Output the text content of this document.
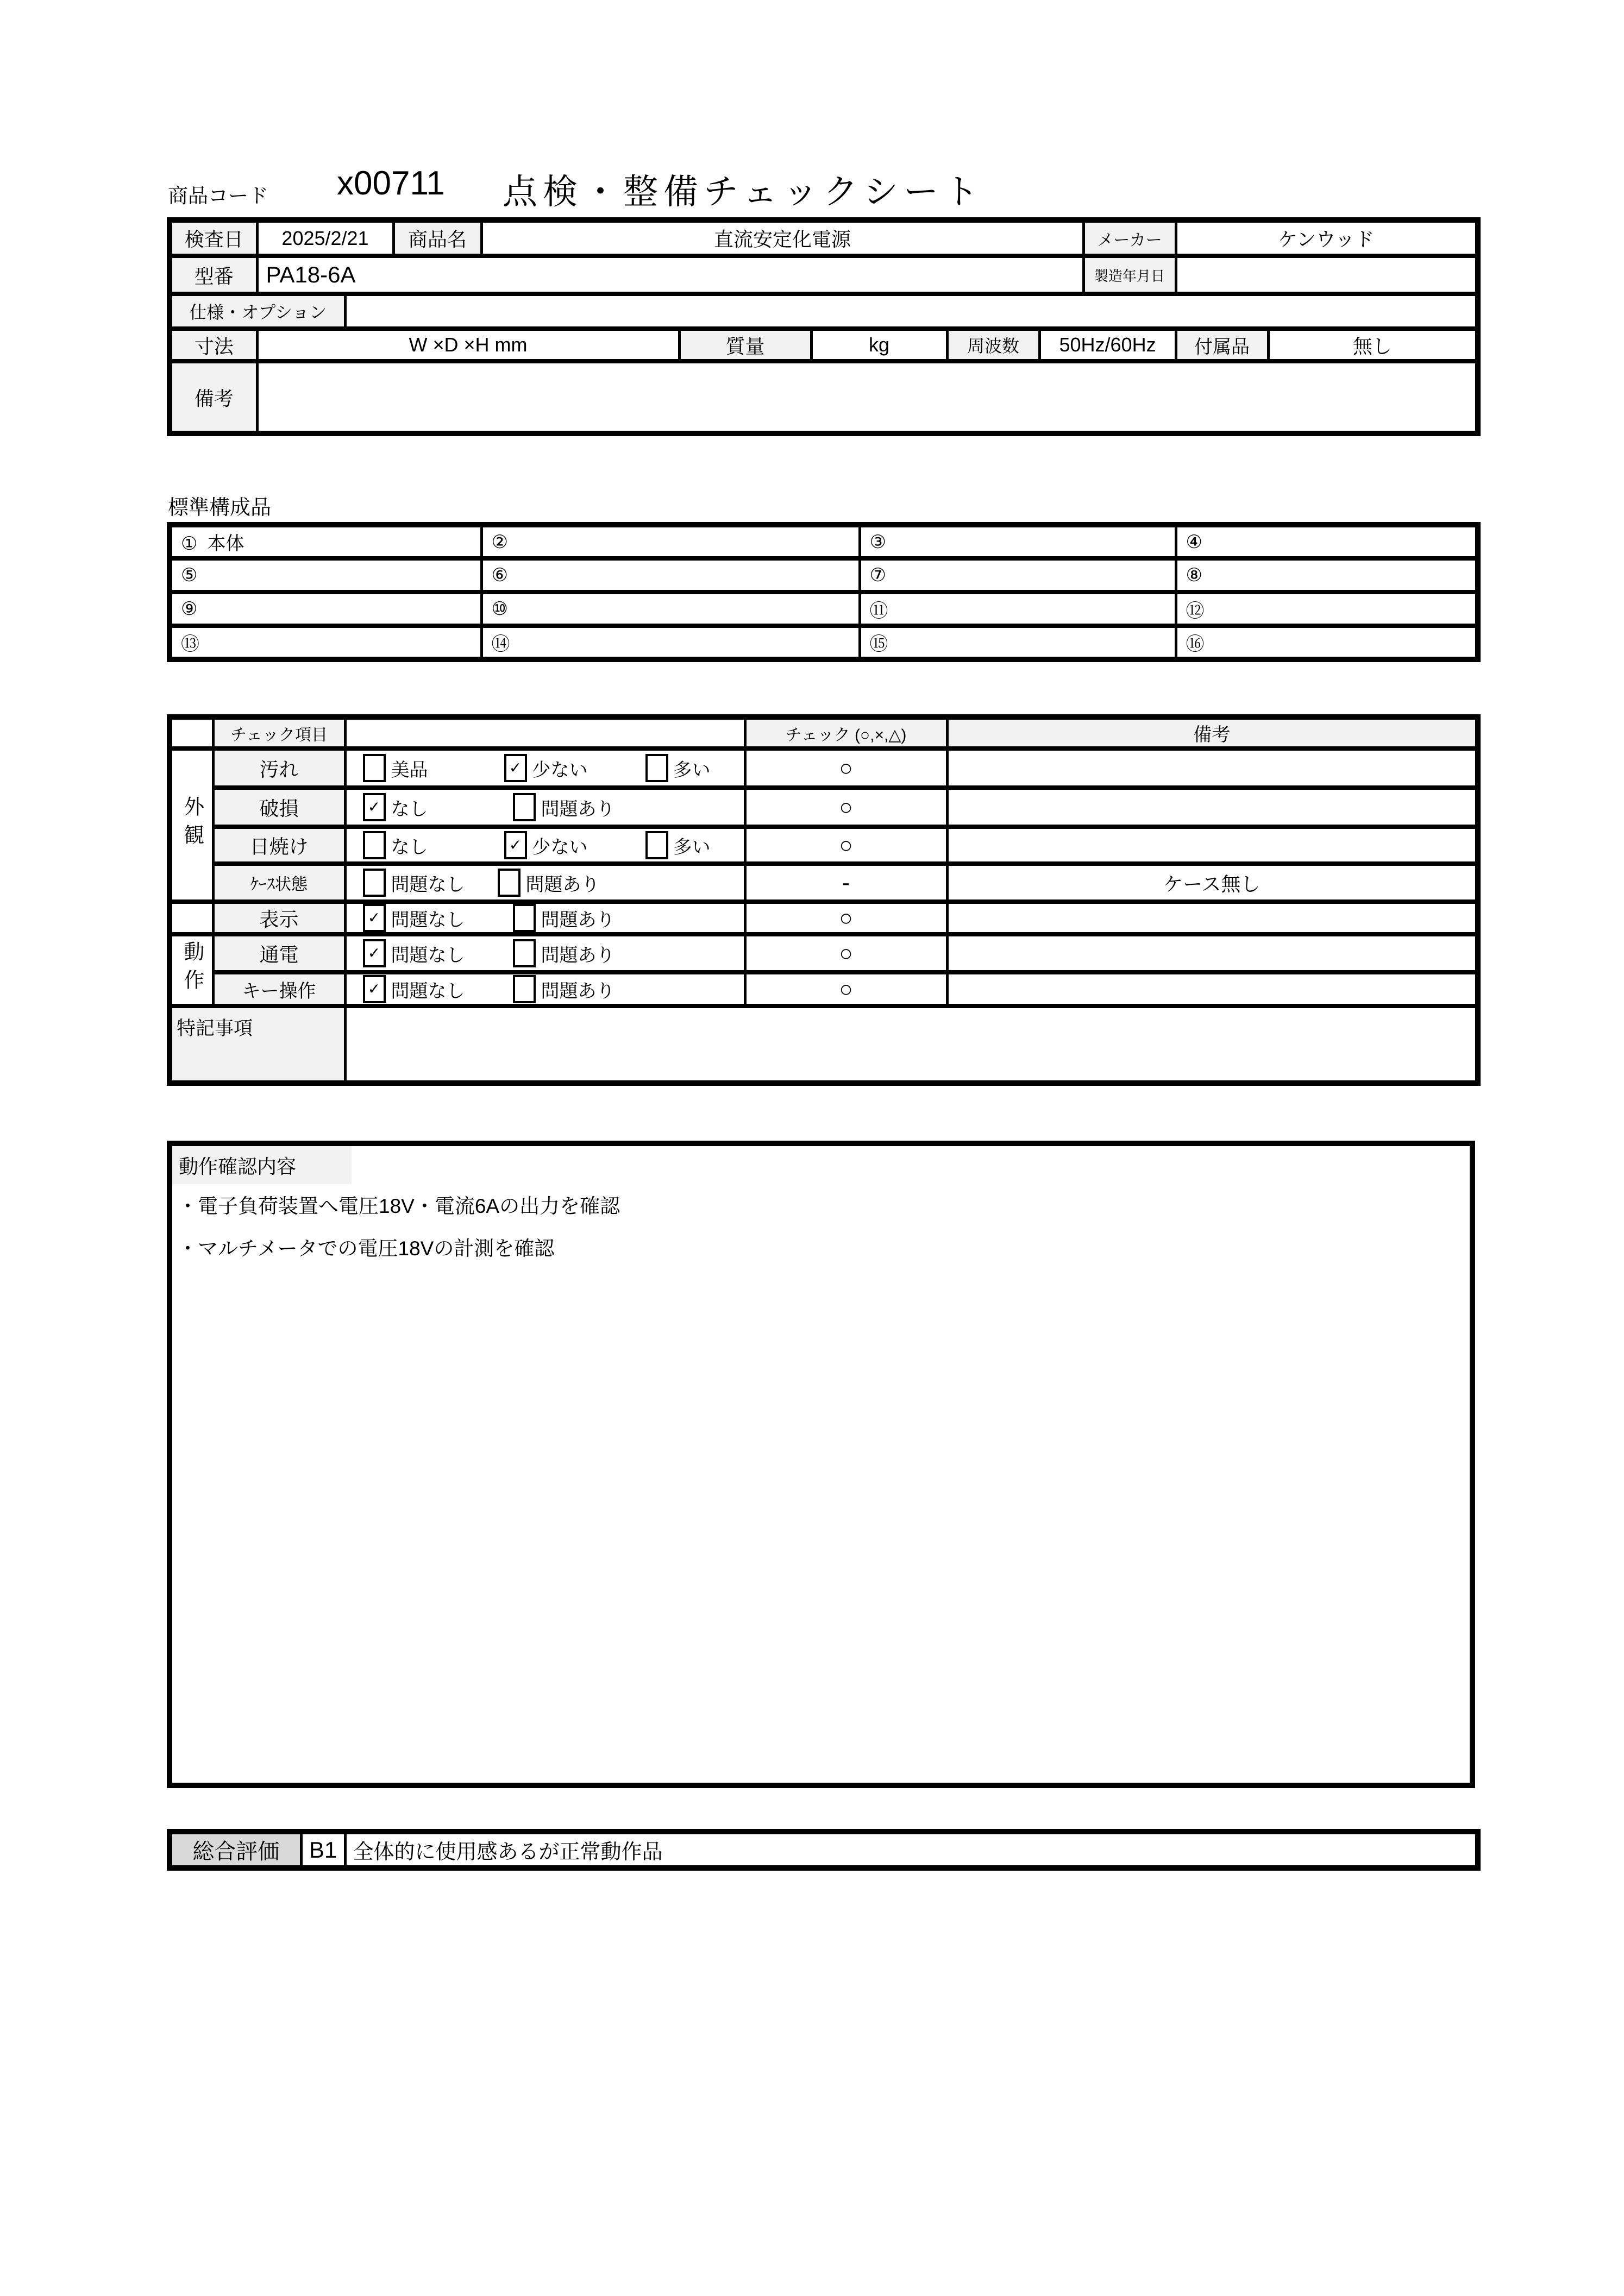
商品コード x00711 点検・整備チェックシート
検査日	2025/2/21		商品名	直流安定化電源					メーカー	ケンウッド	
型番	PA18-6A								製造年月日		
仕様・オプション											
寸法	W ×D ×H mm				質量	kg	周波数	50Hz/60Hz		付属品	無し
備考											
標準構成品
① 本体	②	③	④
⑤	⑥	⑦	⑧
⑨	⑩	⑪	⑫
⑬	⑭	⑮	⑯
	チェック項目		チェック (○,×,△)	備考
外観	汚れ	美品 ✓ 少ない 多い	○	
	破損	✓ なし 問題あり	○	
	日焼け	なし ✓ 少ない 多い	○	
	ｹｰｽ状態	問題なし 問題あり	-	ケース無し
	表示	✓ 問題なし 問題あり	○	
動作	通電	✓ 問題なし 問題あり	○	
	キー操作	✓ 問題なし 問題あり	○	
特記事項				
動作確認内容
・電子負荷装置へ電圧18V・電流6Aの出力を確認
・マルチメータでの電圧18Vの計測を確認
総合評価	B1	全体的に使用感あるが正常動作品
